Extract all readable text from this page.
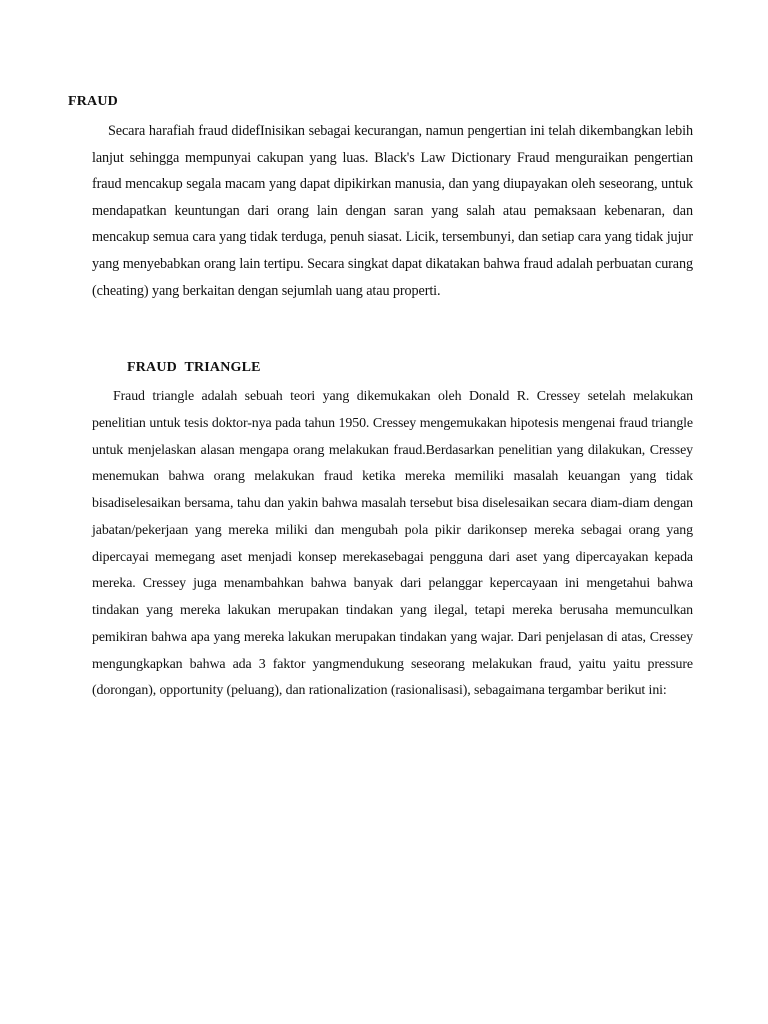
FRAUD

Secara harafiah fraud didefInisikan sebagai kecurangan, namun pengertian ini telah dikembangkan lebih lanjut sehingga mempunyai cakupan yang luas. Black's Law Dictionary Fraud menguraikan pengertian fraud mencakup segala macam yang dapat dipikirkan manusia, dan yang diupayakan oleh seseorang, untuk mendapatkan keuntungan dari orang lain dengan saran yang salah atau pemaksaan kebenaran, dan mencakup semua cara yang tidak terduga, penuh siasat. Licik, tersembunyi, dan setiap cara yang tidak jujur yang menyebabkan orang lain tertipu. Secara singkat dapat dikatakan bahwa fraud adalah perbuatan curang (cheating) yang berkaitan dengan sejumlah uang atau properti.

FRAUD TRIANGLE

Fraud triangle adalah sebuah teori yang dikemukakan oleh Donald R. Cressey setelah melakukan penelitian untuk tesis doktor-nya pada tahun 1950. Cressey mengemukakan hipotesis mengenai fraud triangle untuk menjelaskan alasan mengapa orang melakukan fraud.Berdasarkan penelitian yang dilakukan, Cressey menemukan bahwa orang melakukan fraud ketika mereka memiliki masalah keuangan yang tidak bisadiselesaikan bersama, tahu dan yakin bahwa masalah tersebut bisa diselesaikan secara diam-diam dengan jabatan/pekerjaan yang mereka miliki dan mengubah pola pikir darikonsep mereka sebagai orang yang dipercayai memegang aset menjadi konsep merekasebagai pengguna dari aset yang dipercayakan kepada mereka. Cressey juga menambahkan bahwa banyak dari pelanggar kepercayaan ini mengetahui bahwa tindakan yang mereka lakukan merupakan tindakan yang ilegal, tetapi mereka berusaha memunculkan pemikiran bahwa apa yang mereka lakukan merupakan tindakan yang wajar. Dari penjelasan di atas, Cressey mengungkapkan bahwa ada 3 faktor yangmendukung seseorang melakukan fraud, yaitu yaitu pressure (dorongan), opportunity (peluang), dan rationalization (rasionalisasi), sebagaimana tergambar berikut ini:
